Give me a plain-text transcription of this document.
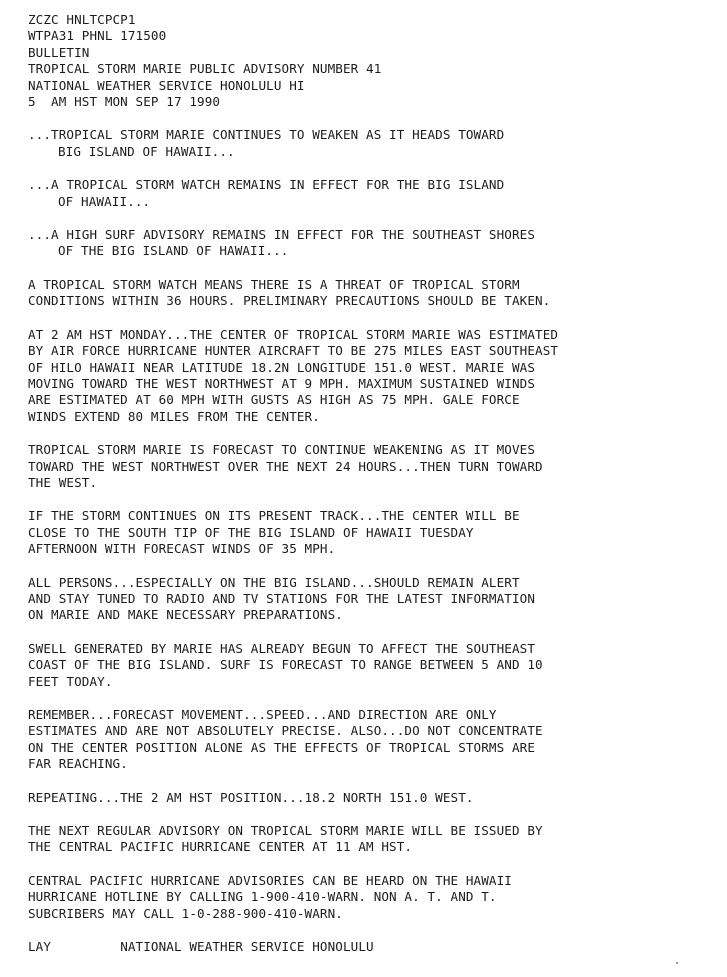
ZCZC HNLTCPCP1
WTPA31 PHNL 171500
BULLETIN
TROPICAL STORM MARIE PUBLIC ADVISORY NUMBER 41
NATIONAL WEATHER SERVICE HONOLULU HI
5  AM HST MON SEP 17 1990
...TROPICAL STORM MARIE CONTINUES TO WEAKEN AS IT HEADS TOWARD
BIG ISLAND OF HAWAII...
...A TROPICAL STORM WATCH REMAINS IN EFFECT FOR THE BIG ISLAND
OF HAWAII...
...A HIGH SURF ADVISORY REMAINS IN EFFECT FOR THE SOUTHEAST SHORES
OF THE BIG ISLAND OF HAWAII...
A TROPICAL STORM WATCH MEANS THERE IS A THREAT OF TROPICAL STORM
CONDITIONS WITHIN 36 HOURS. PRELIMINARY PRECAUTIONS SHOULD BE TAKEN.
AT 2 AM HST MONDAY...THE CENTER OF TROPICAL STORM MARIE WAS ESTIMATED
BY AIR FORCE HURRICANE HUNTER AIRCRAFT TO BE 275 MILES EAST SOUTHEAST
OF HILO HAWAII NEAR LATITUDE 18.2N LONGITUDE 151.0 WEST. MARIE WAS
MOVING TOWARD THE WEST NORTHWEST AT 9 MPH. MAXIMUM SUSTAINED WINDS
ARE ESTIMATED AT 60 MPH WITH GUSTS AS HIGH AS 75 MPH. GALE FORCE
WINDS EXTEND 80 MILES FROM THE CENTER.
TROPICAL STORM MARIE IS FORECAST TO CONTINUE WEAKENING AS IT MOVES
TOWARD THE WEST NORTHWEST OVER THE NEXT 24 HOURS...THEN TURN TOWARD
THE WEST.
IF THE STORM CONTINUES ON ITS PRESENT TRACK...THE CENTER WILL BE
CLOSE TO THE SOUTH TIP OF THE BIG ISLAND OF HAWAII TUESDAY
AFTERNOON WITH FORECAST WINDS OF 35 MPH.
ALL PERSONS...ESPECIALLY ON THE BIG ISLAND...SHOULD REMAIN ALERT
AND STAY TUNED TO RADIO AND TV STATIONS FOR THE LATEST INFORMATION
ON MARIE AND MAKE NECESSARY PREPARATIONS.
SWELL GENERATED BY MARIE HAS ALREADY BEGUN TO AFFECT THE SOUTHEAST
COAST OF THE BIG ISLAND. SURF IS FORECAST TO RANGE BETWEEN 5 AND 10
FEET TODAY.
REMEMBER...FORECAST MOVEMENT...SPEED...AND DIRECTION ARE ONLY
ESTIMATES AND ARE NOT ABSOLUTELY PRECISE. ALSO...DO NOT CONCENTRATE
ON THE CENTER POSITION ALONE AS THE EFFECTS OF TROPICAL STORMS ARE
FAR REACHING.
REPEATING...THE 2 AM HST POSITION...18.2 NORTH 151.0 WEST.
THE NEXT REGULAR ADVISORY ON TROPICAL STORM MARIE WILL BE ISSUED BY
THE CENTRAL PACIFIC HURRICANE CENTER AT 11 AM HST.
CENTRAL PACIFIC HURRICANE ADVISORIES CAN BE HEARD ON THE HAWAII
HURRICANE HOTLINE BY CALLING 1-900-410-WARN. NON A. T. AND T.
SUBCRIBERS MAY CALL 1-0-288-900-410-WARN.
LAY	NATIONAL WEATHER SERVICE HONOLULU
